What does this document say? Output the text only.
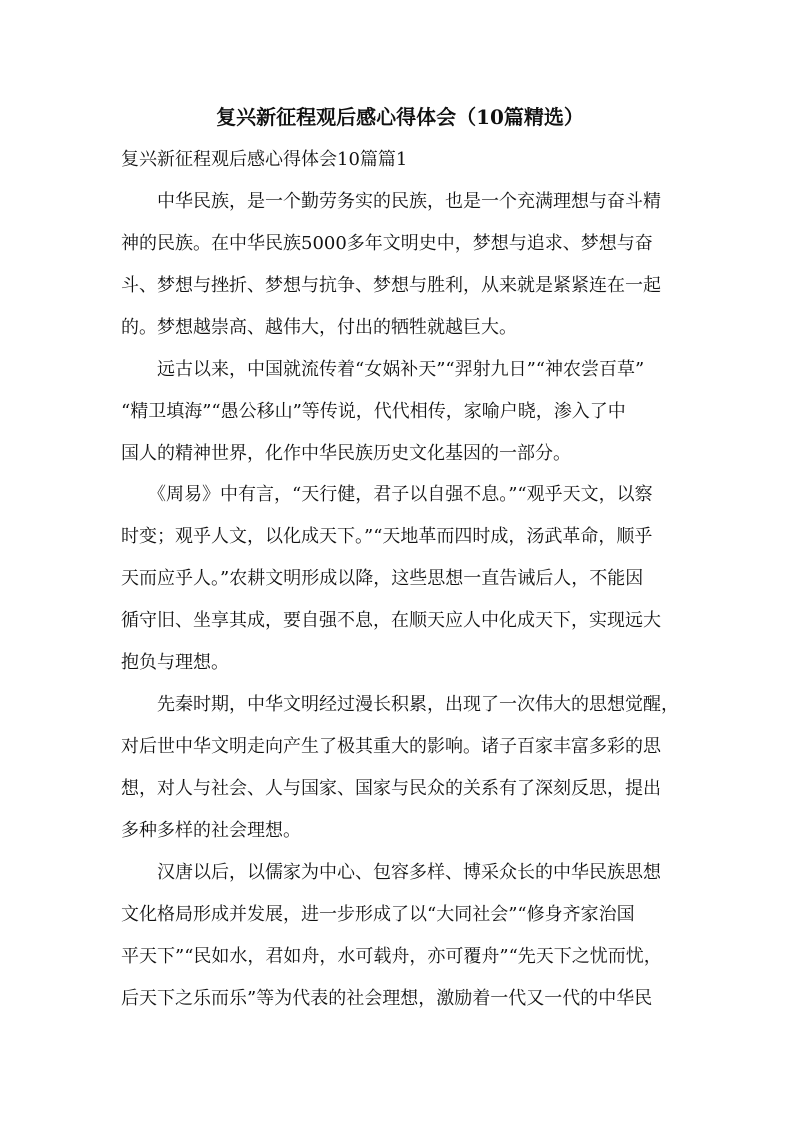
复兴新征程观后感心得体会（10篇精选）

复兴新征程观后感心得体会10篇篇1

　　中华民族，是一个勤劳务实的民族，也是一个充满理想与奋斗精

神的民族。在中华民族5000多年文明史中，梦想与追求、梦想与奋

斗、梦想与挫折、梦想与抗争、梦想与胜利，从来就是紧紧连在一起

的。梦想越崇高、越伟大，付出的牺牲就越巨大。

　　远古以来，中国就流传着“女娲补天”“羿射九日”“神农尝百草”

“精卫填海”“愚公移山”等传说，代代相传，家喻户晓，渗入了中

国人的精神世界，化作中华民族历史文化基因的一部分。

　　《周易》中有言，“天行健，君子以自强不息。”“观乎天文，以察

时变；观乎人文，以化成天下。”“天地革而四时成，汤武革命，顺乎

天而应乎人。”农耕文明形成以降，这些思想一直告诫后人，不能因

循守旧、坐享其成，要自强不息，在顺天应人中化成天下，实现远大

抱负与理想。

　　先秦时期，中华文明经过漫长积累，出现了一次伟大的思想觉醒，

对后世中华文明走向产生了极其重大的影响。诸子百家丰富多彩的思

想，对人与社会、人与国家、国家与民众的关系有了深刻反思，提出

多种多样的社会理想。

　　汉唐以后，以儒家为中心、包容多样、博采众长的中华民族思想

文化格局形成并发展，进一步形成了以“大同社会”“修身齐家治国

平天下”“民如水，君如舟，水可载舟，亦可覆舟”“先天下之忧而忧，

后天下之乐而乐”等为代表的社会理想，激励着一代又一代的中华民
